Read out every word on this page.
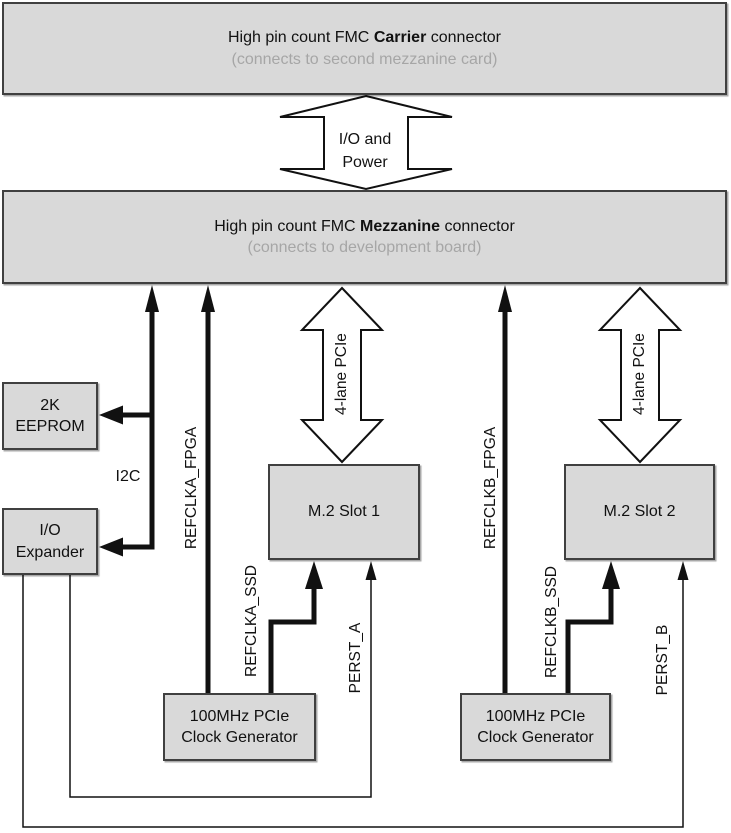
High pin count FMC Carrier connector
(connects to second mezzanine card)
High pin count FMC Mezzanine connector
(connects to development board)
2K
EEPROM
I/O
Expander
M.2 Slot 1	M.2 Slot 2
100MHz PCIe
Clock Generator
100MHz PCIe
Clock Generator
I/O and
Power
4-lane PCIe	4-lane PCIe
I2C	REFCLKA_FPGA	REFCLKB_FPGA
REFCLKA_SSD	REFCLKB_SSD
PERST_A	PERST_B
